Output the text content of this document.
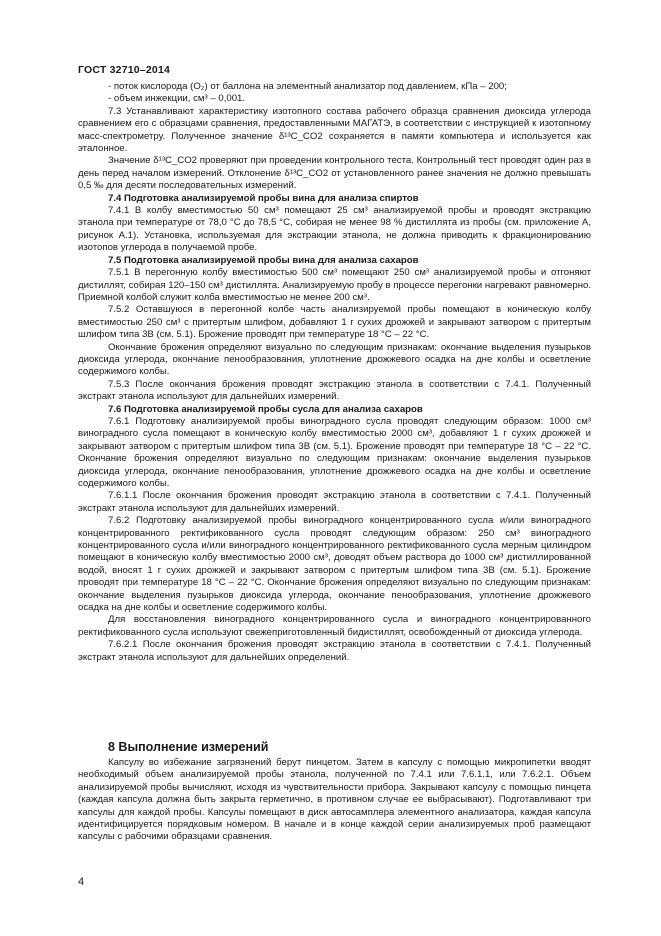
ГОСТ 32710–2014

- поток кислорода (O₂) от баллона на элементный анализатор под давлением, кПа – 200;

- объем инжекции, см³ – 0,001.

7.3 Устанавливают характеристику изотопного состава рабочего образца сравнения диоксида углерода сравнением его с образцами сравнения, предоставленными МАГАТЭ, в соответствии с инструкцией к изотопному масс-спектрометру. Полученное значение δ¹³C_CO2 сохраняется в памяти компьютера и используется как эталонное.

Значение δ¹³C_CO2 проверяют при проведении контрольного теста. Контрольный тест проводят один раз в день перед началом измерений. Отклонение δ¹³C_CO2 от установленного ранее значения не должно превышать 0,5 ‰ для десяти последовательных измерений.

7.4 Подготовка анализируемой пробы вина для анализа спиртов

7.4.1 В колбу вместимостью 50 см³ помещают 25 см³ анализируемой пробы и проводят экстракцию этанола при температуре от 78,0 °C до 78,5 °C, собирая не менее 98 % дистиллята из пробы (см. приложение А, рисунок А.1). Установка, используемая для экстракции этанола, не должна приводить к фракционированию изотопов углерода в получаемой пробе.

7.5 Подготовка анализируемой пробы вина для анализа сахаров

7.5.1 В перегонную колбу вместимостью 500 см³ помещают 250 см³ анализируемой пробы и отгоняют дистиллят, собирая 120–150 см³ дистиллята. Анализируемую пробу в процессе перегонки нагревают равномерно. Приемной колбой служит колба вместимостью не менее 200 см³.

7.5.2 Оставшуюся в перегонной колбе часть анализируемой пробы помещают в коническую колбу вместимостью 250 см³ с притертым шлифом, добавляют 1 г сухих дрожжей и закрывают затвором с притертым шлифом типа 3В (см. 5.1). Брожение проводят при температуре 18 °C – 22 °C.

Окончание брожения определяют визуально по следующим признакам: окончание выделения пузырьков диоксида углерода, окончание пенообразования, уплотнение дрожжевого осадка на дне колбы и осветление содержимого колбы.

7.5.3 После окончания брожения проводят экстракцию этанола в соответствии с 7.4.1. Полученный экстракт этанола используют для дальнейших измерений.

7.6 Подготовка анализируемой пробы сусла для анализа сахаров

7.6.1 Подготовку анализируемой пробы виноградного сусла проводят следующим образом: 1000 см³ виноградного сусла помещают в коническую колбу вместимостью 2000 см³, добавляют 1 г сухих дрожжей и закрывают затвором с притертым шлифом типа 3В (см. 5.1). Брожение проводят при температуре 18 °C – 22 °C. Окончание брожения определяют визуально по следующим признакам: окончание выделения пузырьков диоксида углерода, окончание пенообразования, уплотнение дрожжевого осадка на дне колбы и осветление содержимого колбы.

7.6.1.1 После окончания брожения проводят экстракцию этанола в соответствии с 7.4.1. Полученный экстракт этанола используют для дальнейших измерений.

7.6.2 Подготовку анализируемой пробы виноградного концентрированного сусла и/или виноградного концентрированного ректификованного сусла проводят следующим образом: 250 см³ виноградного концентрированного сусла и/или виноградного концентрированного ректификованного сусла мерным цилиндром помещают в коническую колбу вместимостью 2000 см³, доводят объем раствора до 1000 см³ дистиллированной водой, вносят 1 г сухих дрожжей и закрывают затвором с притертым шлифом типа 3В (см. 5.1). Брожение проводят при температуре 18 °C – 22 °C. Окончание брожения определяют визуально по следующим признакам: окончание выделения пузырьков диоксида углерода, окончание пенообразования, уплотнение дрожжевого осадка на дне колбы и осветление содержимого колбы.

Для восстановления виноградного концентрированного сусла и виноградного концентрированного ректификованного сусла используют свежеприготовленный бидистиллят, освобожденный от диоксида углерода.

7.6.2.1 После окончания брожения проводят экстракцию этанола в соответствии с 7.4.1. Полученный экстракт этанола используют для дальнейших определений.

8 Выполнение измерений

Капсулу во избежание загрязнений берут пинцетом. Затем в капсулу с помощью микропипетки вводят необходимый объем анализируемой пробы этанола, полученной по 7.4.1 или 7.6.1.1, или 7.6.2.1. Объем анализируемой пробы вычисляют, исходя из чувствительности прибора. Закрывают капсулу с помощью пинцета (каждая капсула должна быть закрыта герметично, в противном случае ее выбрасывают). Подготавливают три капсулы для каждой пробы. Капсулы помещают в диск автосамплера элементного анализатора, каждая капсула идентифицируется порядковым номером. В начале и в конце каждой серии анализируемых проб размещают капсулы с рабочими образцами сравнения.

4
